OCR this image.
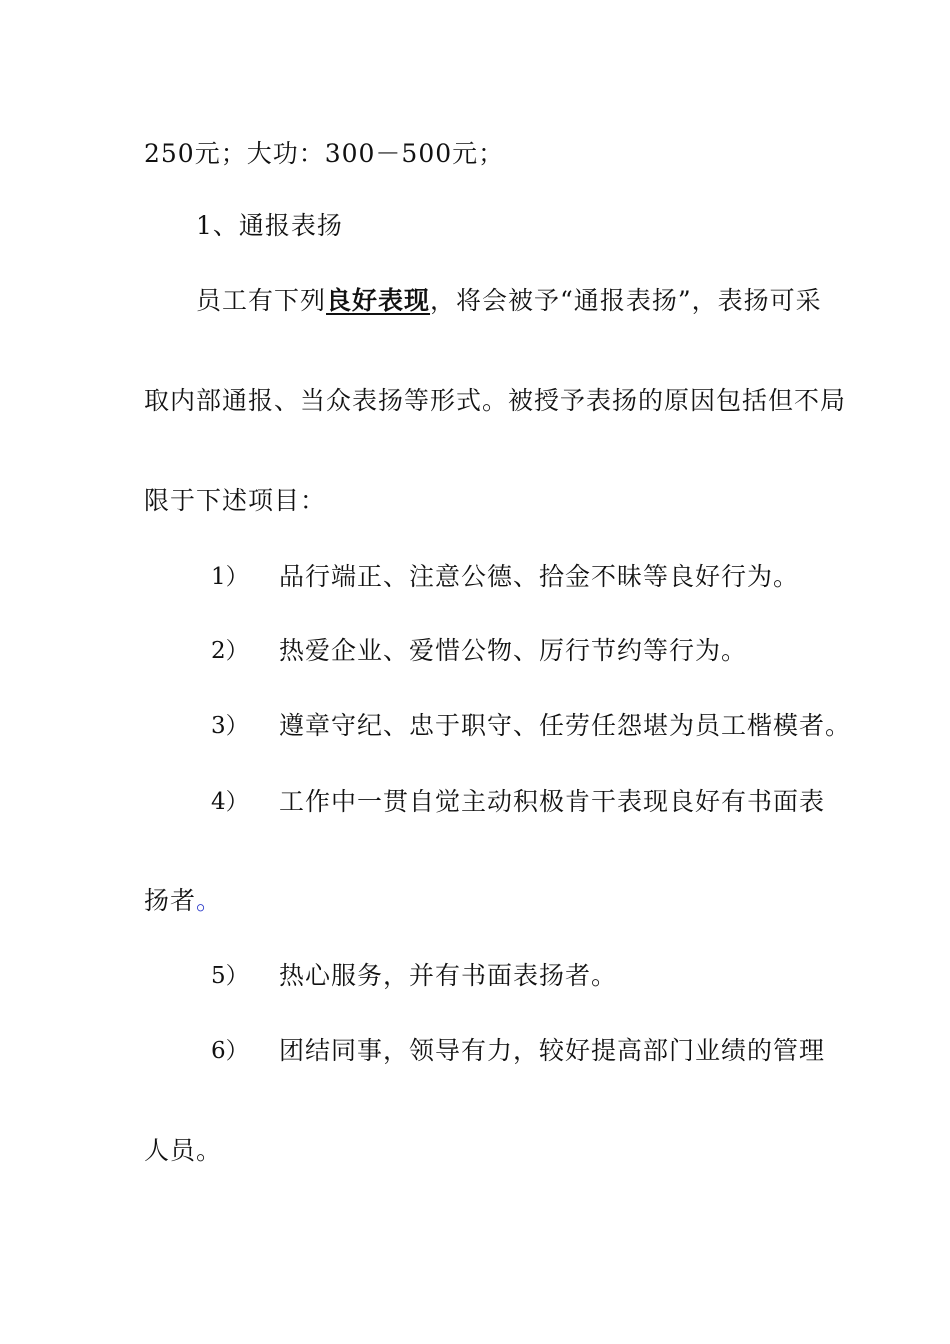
250元；大功：300－500元；
1、通报表扬
员工有下列良好表现，将会被予“通报表扬”，表扬可采
取内部通报、当众表扬等形式。被授予表扬的原因包括但不局
限于下述项目：
1） 品行端正、注意公德、拾金不昧等良好行为。
2） 热爱企业、爱惜公物、厉行节约等行为。
3） 遵章守纪、忠于职守、任劳任怨堪为员工楷模者。
4） 工作中一贯自觉主动积极肯干表现良好有书面表
扬者。
5） 热心服务，并有书面表扬者。
6） 团结同事，领导有力，较好提高部门业绩的管理
人员。
